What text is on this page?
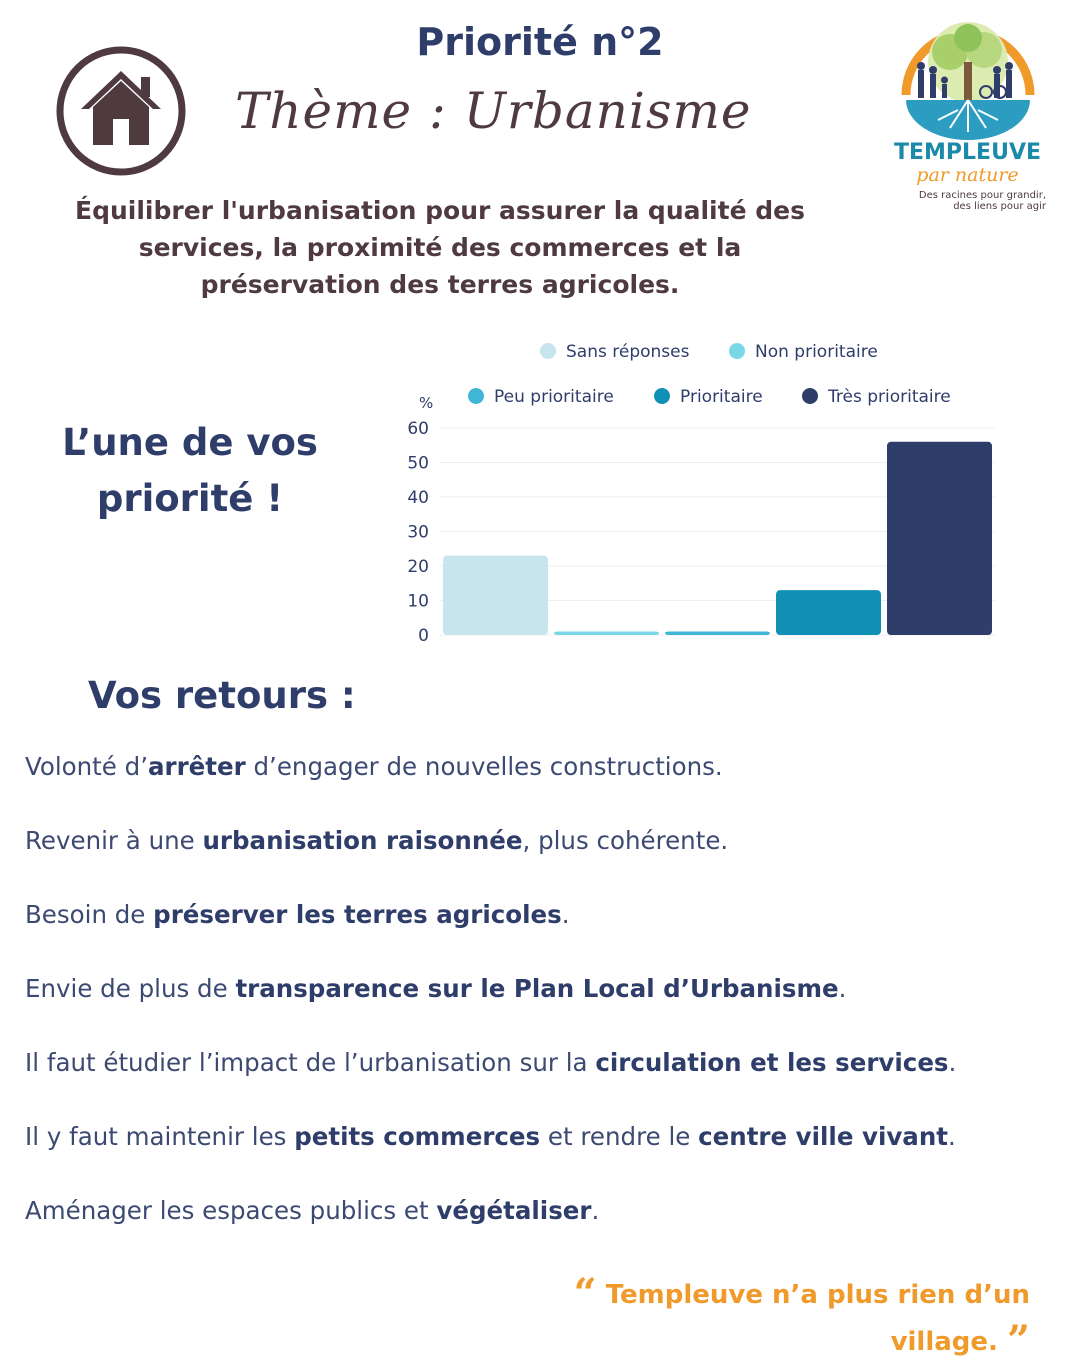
Priorité n°2
Thème : Urbanisme
Équilibrer l'urbanisation pour assurer la qualité des services, la proximité des commerces et la préservation des terres agricoles.
TEMPLEUVE
par nature
Des racines pour grandir,
des liens pour agir
L’une de vos
priorité !
Sans réponses	Non prioritaire
Peu prioritaire	Prioritaire	Très prioritaire
%
0
10
20
30
40
50
60
Vos retours :
Volonté d’arrêter d’engager de nouvelles constructions.
Revenir à une urbanisation raisonnée, plus cohérente.
Besoin de préserver les terres agricoles.
Envie de plus de transparence sur le Plan Local d’Urbanisme.
Il faut étudier l’impact de l’urbanisation sur la circulation et les services.
Il y faut maintenir les petits commerces et rendre le centre ville vivant.
Aménager les espaces publics et végétaliser.
“ Templeuve n’a plus rien d’un village. ”
